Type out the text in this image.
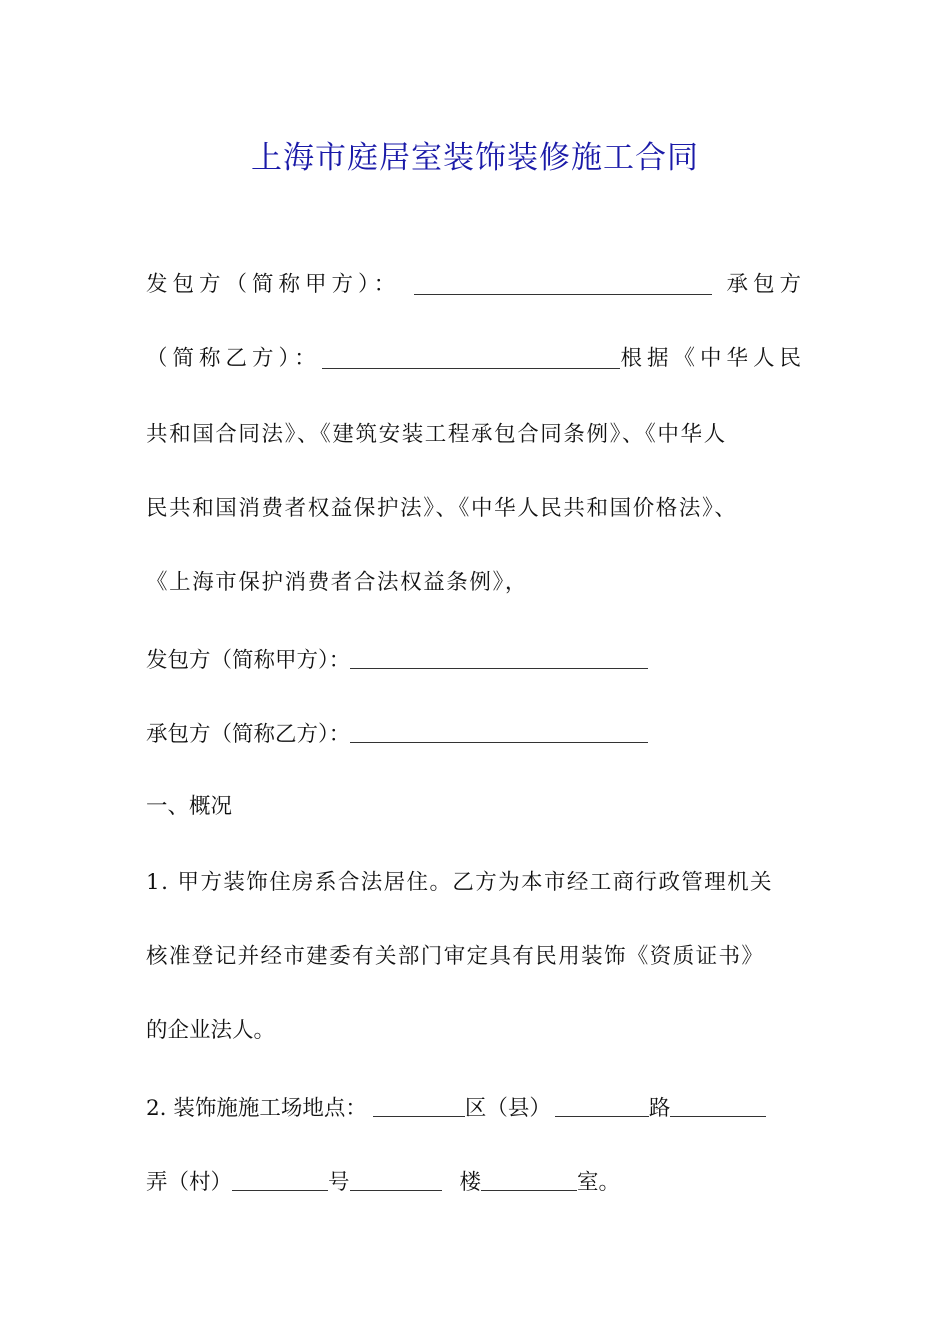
上海市庭居室装饰装修施工合同
发包方（简称甲方）：	承包方
（简称乙方）：	根据《中华人民

共和国合同法》、《建筑安装工程承包合同条例》、《中华人

民共和国消费者权益保护法》、《中华人民共和国价格法》、

《上海市保护消费者合法权益条例》，

发包方（简称甲方）：
承包方（简称乙方）：

一、概况

1. 甲方装饰住房系合法居住。乙方为本市经工商行政管理机关

核准登记并经市建委有关部门审定具有民用装饰《资质证书》

的企业法人。

2. 装饰施施工场地点：	区（县）	路
弄（村）	号	楼	室。
